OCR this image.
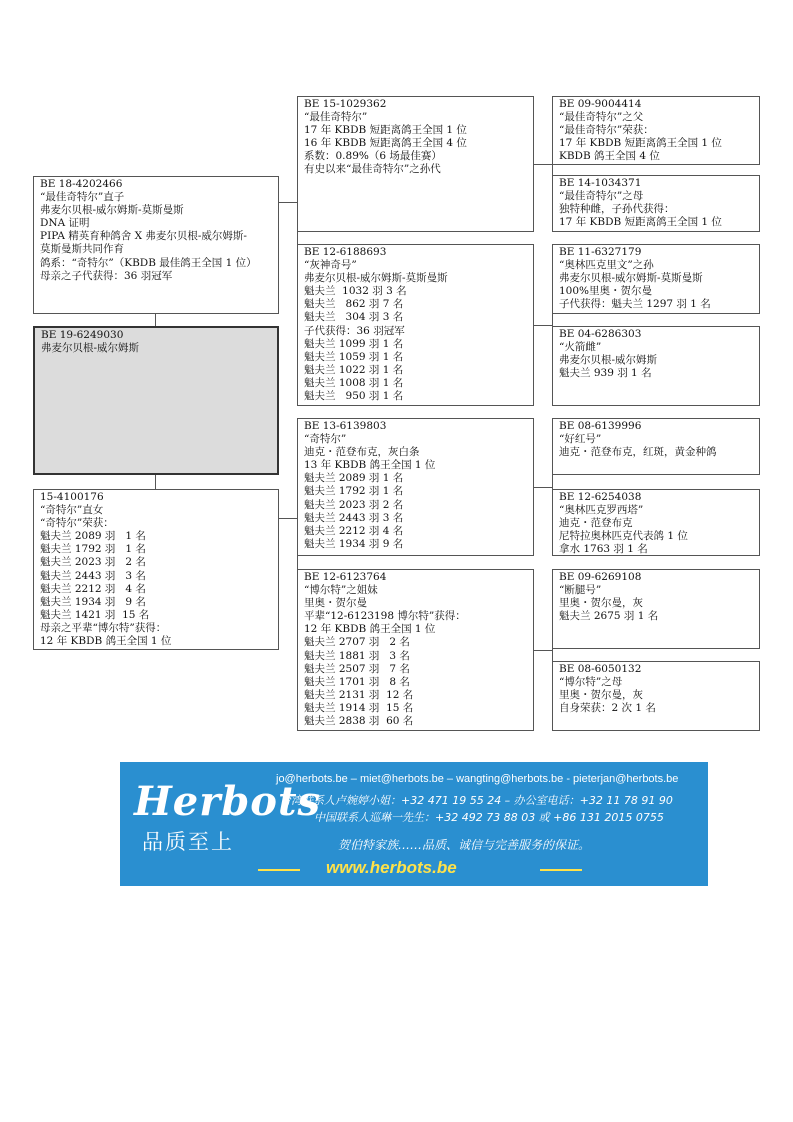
BE 18-4202466
“最佳奇特尔”直子
弗麦尔贝根-威尔姆斯-莫斯曼斯
DNA 证明
PIPA 精英育种鸽舍 X 弗麦尔贝根-威尔姆斯-
莫斯曼斯共同作育
鸽系：“奇特尔”（KBDB 最佳鸽王全国 1 位）
母亲之子代获得：36 羽冠军
BE 19-6249030
弗麦尔贝根-威尔姆斯
15-4100176
“奇特尔”直女
“奇特尔”荣获：
魁夫兰 2089 羽   1 名
魁夫兰 1792 羽   1 名
魁夫兰 2023 羽   2 名
魁夫兰 2443 羽   3 名
魁夫兰 2212 羽   4 名
魁夫兰 1934 羽   9 名
魁夫兰 1421 羽  15 名
母亲之平辈“博尔特”获得：
12 年 KBDB 鸽王全国 1 位
BE 15-1029362
“最佳奇特尔”
17 年 KBDB 短距离鸽王全国 1 位
16 年 KBDB 短距离鸽王全国 4 位
系数：0.89%（6 场最佳赛）
有史以来“最佳奇特尔”之孙代
BE 12-6188693
“灰神奇号”
弗麦尔贝根-威尔姆斯-莫斯曼斯
魁夫兰  1032 羽 3 名
魁夫兰   862 羽 7 名
魁夫兰   304 羽 3 名
子代获得：36 羽冠军
魁夫兰 1099 羽 1 名
魁夫兰 1059 羽 1 名
魁夫兰 1022 羽 1 名
魁夫兰 1008 羽 1 名
魁夫兰   950 羽 1 名
BE 13-6139803
“奇特尔”
迪克・范登布克，灰白条
13 年 KBDB 鸽王全国 1 位
魁夫兰 2089 羽 1 名
魁夫兰 1792 羽 1 名
魁夫兰 2023 羽 2 名
魁夫兰 2443 羽 3 名
魁夫兰 2212 羽 4 名
魁夫兰 1934 羽 9 名
BE 12-6123764
“博尔特”之姐妹
里奥・贺尔曼
平辈“12-6123198 博尔特”获得：
12 年 KBDB 鸽王全国 1 位
魁夫兰 2707 羽   2 名
魁夫兰 1881 羽   3 名
魁夫兰 2507 羽   7 名
魁夫兰 1701 羽   8 名
魁夫兰 2131 羽  12 名
魁夫兰 1914 羽  15 名
魁夫兰 2838 羽  60 名
BE 09-9004414
“最佳奇特尔”之父
“最佳奇特尔”荣获：
17 年 KBDB 短距离鸽王全国 1 位
KBDB 鸽王全国 4 位
BE 14-1034371
“最佳奇特尔”之母
独特种雌，子孙代获得：
17 年 KBDB 短距离鸽王全国 1 位
BE 11-6327179
“奥林匹克里文”之孙
弗麦尔贝根-威尔姆斯-莫斯曼斯
100%里奥・贺尔曼
子代获得：魁夫兰 1297 羽 1 名
BE 04-6286303
“火箭雌”
弗麦尔贝根-威尔姆斯
魁夫兰 939 羽 1 名
BE 08-6139996
“好红号”
迪克・范登布克，红斑，黄金种鸽
BE 12-6254038
“奥林匹克罗西塔”
迪克・范登布克
尼特拉奥林匹克代表鸽 1 位
拿水 1763 羽 1 名
BE 09-6269108
“断腿号”
里奥・贺尔曼，灰
魁夫兰 2675 羽 1 名
BE 08-6050132
“博尔特”之母
里奥・贺尔曼，灰
自身荣获：2 次 1 名
Herbots
品质至上
jo@herbots.be – miet@herbots.be – wangting@herbots.be - pieterjan@herbots.be
台湾联系人卢婉婷小姐：+32 471 19 55 24 – 办公室电话：+32 11 78 91 90
中国联系人巡琳一先生：+32 492 73 88 03 或 +86 131 2015 0755
贺伯特家族……品质、诚信与完善服务的保证。
www.herbots.be
